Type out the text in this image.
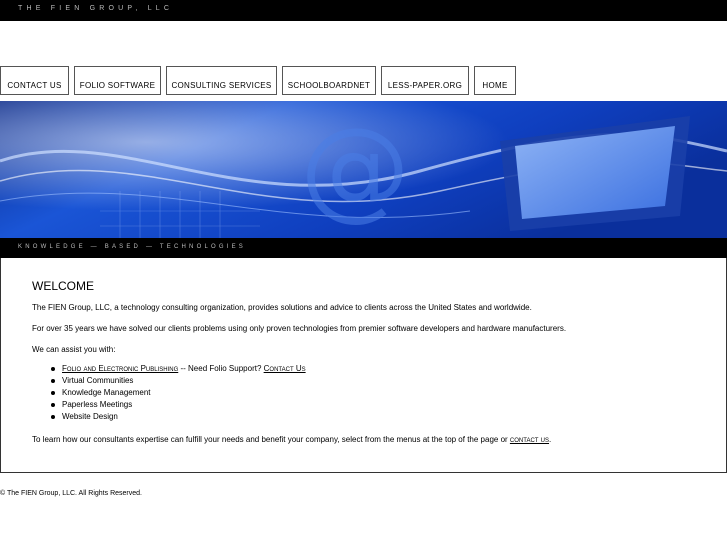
THE FIEN GROUP, LLC
CONTACT US	FOLIO SOFTWARE	CONSULTING SERVICES	SCHOOLBOARDNET	LESS-PAPER.ORG	HOME
@
KNOWLEDGE — BASED — TECHNOLOGIES
WELCOME

The FIEN Group, LLC, a technology consulting organization, provides solutions and advice to clients across the United States and worldwide.

For over 35 years we have solved our clients problems using only proven technologies from premier software developers and hardware manufacturers.

We can assist you with:

Folio and Electronic Publishing -- Need Folio Support? Contact Us
Virtual Communities
Knowledge Management
Paperless Meetings
Website Design

To learn how our consultants expertise can fulfill your needs and benefit your company, select from the menus at the top of the page or contact us.

© The FIEN Group, LLC. All Rights Reserved.
